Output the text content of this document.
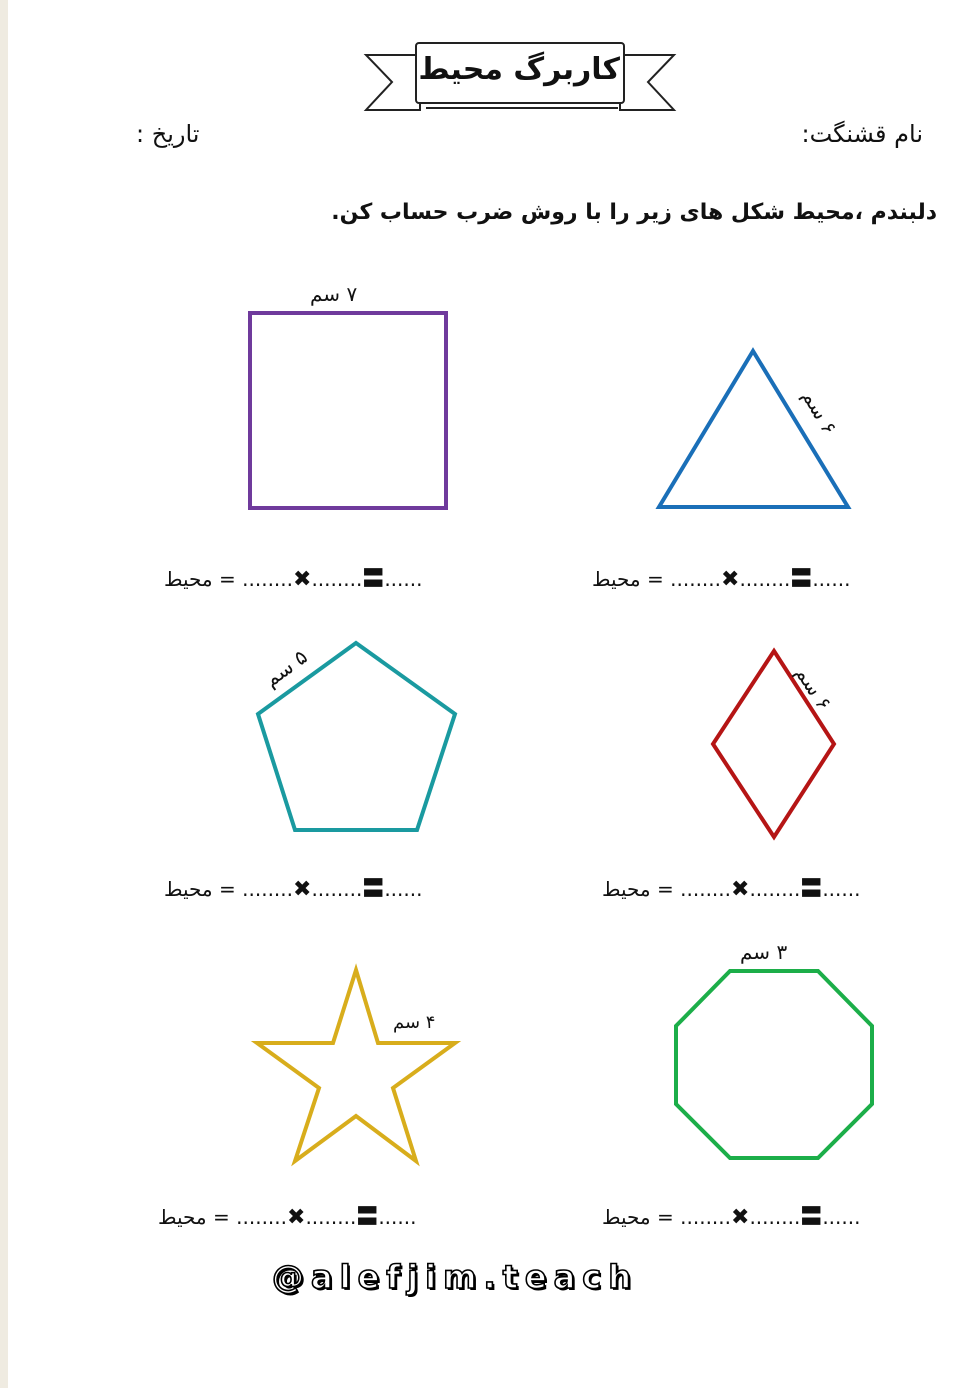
کاربرگ محیط
نام قشنگت:
تاریخ :
دلبندم ،محیط شکل های زیر را با روش ضرب حساب کن.
۷ سم
۶ سم
۵ سم
۶ سم
۴ سم
۳ سم
محیط = ........✖........〓......	محیط = ........✖........〓......
محیط = ........✖........〓......	محیط = ........✖........〓......
محیط = ........✖........〓......	محیط = ........✖........〓......
@alefjim.teach
